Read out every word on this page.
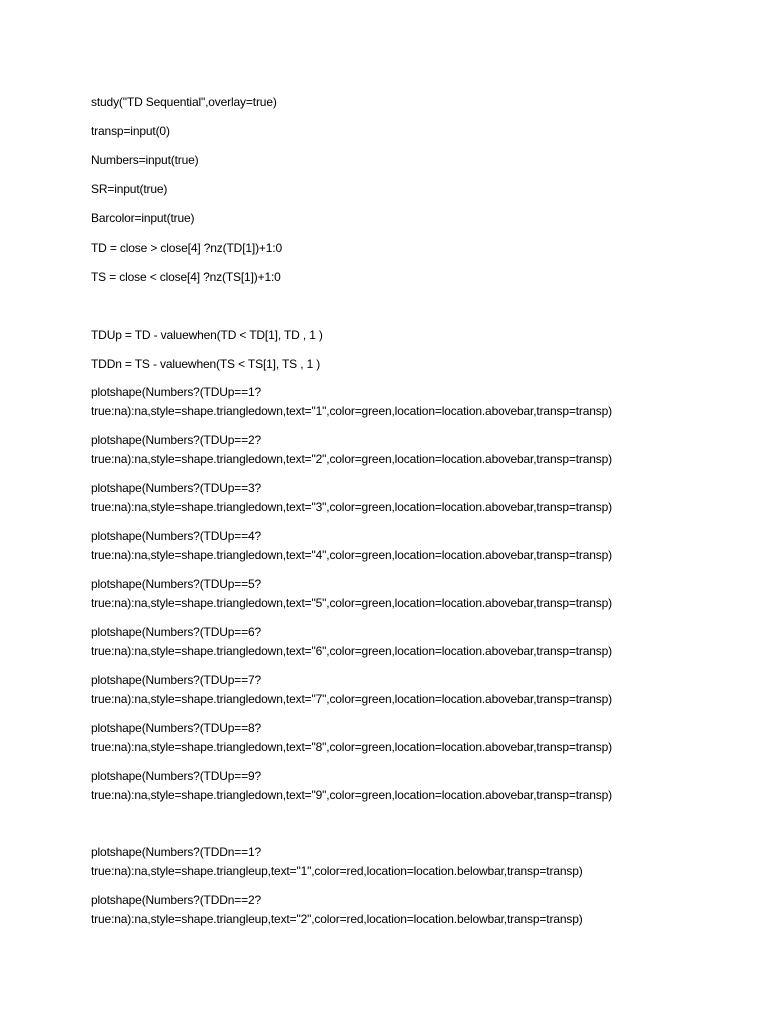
study("TD Sequential",overlay=true)
transp=input(0)
Numbers=input(true)
SR=input(true)
Barcolor=input(true)
TD = close > close[4] ?nz(TD[1])+1:0
TS = close < close[4] ?nz(TS[1])+1:0
TDUp = TD - valuewhen(TD < TD[1], TD , 1 )
TDDn = TS - valuewhen(TS < TS[1], TS , 1 )
plotshape(Numbers?(TDUp==1?
true:na):na,style=shape.triangledown,text="1",color=green,location=location.abovebar,transp=transp)
plotshape(Numbers?(TDUp==2?
true:na):na,style=shape.triangledown,text="2",color=green,location=location.abovebar,transp=transp)
plotshape(Numbers?(TDUp==3?
true:na):na,style=shape.triangledown,text="3",color=green,location=location.abovebar,transp=transp)
plotshape(Numbers?(TDUp==4?
true:na):na,style=shape.triangledown,text="4",color=green,location=location.abovebar,transp=transp)
plotshape(Numbers?(TDUp==5?
true:na):na,style=shape.triangledown,text="5",color=green,location=location.abovebar,transp=transp)
plotshape(Numbers?(TDUp==6?
true:na):na,style=shape.triangledown,text="6",color=green,location=location.abovebar,transp=transp)
plotshape(Numbers?(TDUp==7?
true:na):na,style=shape.triangledown,text="7",color=green,location=location.abovebar,transp=transp)
plotshape(Numbers?(TDUp==8?
true:na):na,style=shape.triangledown,text="8",color=green,location=location.abovebar,transp=transp)
plotshape(Numbers?(TDUp==9?
true:na):na,style=shape.triangledown,text="9",color=green,location=location.abovebar,transp=transp)
plotshape(Numbers?(TDDn==1?
true:na):na,style=shape.triangleup,text="1",color=red,location=location.belowbar,transp=transp)
plotshape(Numbers?(TDDn==2?
true:na):na,style=shape.triangleup,text="2",color=red,location=location.belowbar,transp=transp)
